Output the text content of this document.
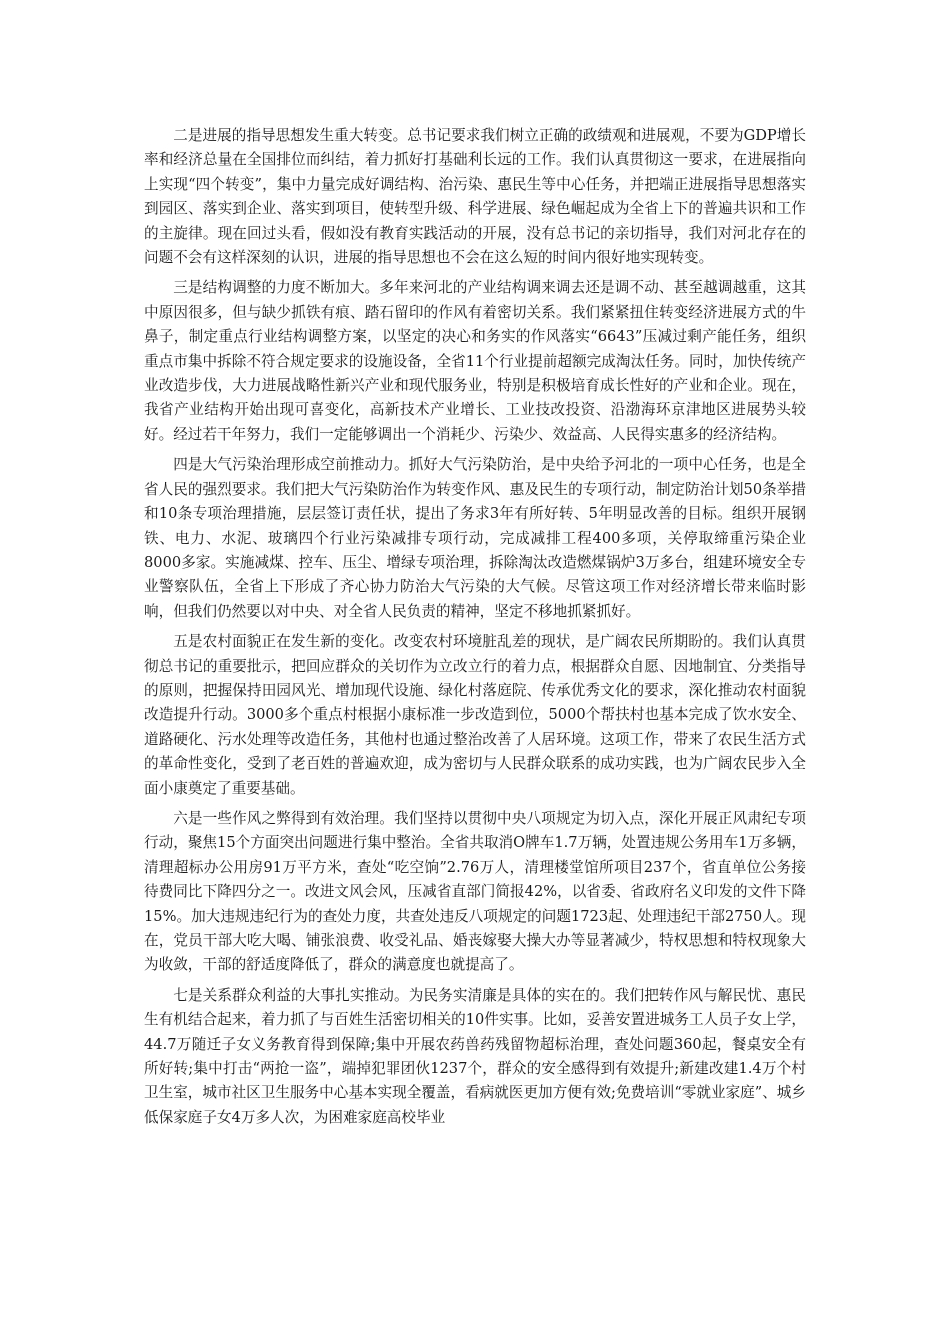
二是进展的指导思想发生重大转变。总书记要求我们树立正确的政绩观和进展观，不要为GDP增长率和经济总量在全国排位而纠结，着力抓好打基础利长远的工作。我们认真贯彻这一要求，在进展指向上实现“四个转变”，集中力量完成好调结构、治污染、惠民生等中心任务，并把端正进展指导思想落实到园区、落实到企业、落实到项目，使转型升级、科学进展、绿色崛起成为全省上下的普遍共识和工作的主旋律。现在回过头看，假如没有教育实践活动的开展，没有总书记的亲切指导，我们对河北存在的问题不会有这样深刻的认识，进展的指导思想也不会在这么短的时间内很好地实现转变。

三是结构调整的力度不断加大。多年来河北的产业结构调来调去还是调不动、甚至越调越重，这其中原因很多，但与缺少抓铁有痕、踏石留印的作风有着密切关系。我们紧紧扭住转变经济进展方式的牛鼻子，制定重点行业结构调整方案，以坚定的决心和务实的作风落实“6643”压减过剩产能任务，组织重点市集中拆除不符合规定要求的设施设备，全省11个行业提前超额完成淘汰任务。同时，加快传统产业改造步伐，大力进展战略性新兴产业和现代服务业，特别是积极培育成长性好的产业和企业。现在，我省产业结构开始出现可喜变化，高新技术产业增长、工业技改投资、沿渤海环京津地区进展势头较好。经过若干年努力，我们一定能够调出一个消耗少、污染少、效益高、人民得实惠多的经济结构。

四是大气污染治理形成空前推动力。抓好大气污染防治，是中央给予河北的一项中心任务，也是全省人民的强烈要求。我们把大气污染防治作为转变作风、惠及民生的专项行动，制定防治计划50条举措和10条专项治理措施，层层签订责任状，提出了务求3年有所好转、5年明显改善的目标。组织开展钢铁、电力、水泥、玻璃四个行业污染减排专项行动，完成减排工程400多项，关停取缔重污染企业8000多家。实施减煤、控车、压尘、增绿专项治理，拆除淘汰改造燃煤锅炉3万多台，组建环境安全专业警察队伍，全省上下形成了齐心协力防治大气污染的大气候。尽管这项工作对经济增长带来临时影响，但我们仍然要以对中央、对全省人民负责的精神，坚定不移地抓紧抓好。

五是农村面貌正在发生新的变化。改变农村环境脏乱差的现状，是广阔农民所期盼的。我们认真贯彻总书记的重要批示，把回应群众的关切作为立改立行的着力点，根据群众自愿、因地制宜、分类指导的原则，把握保持田园风光、增加现代设施、绿化村落庭院、传承优秀文化的要求，深化推动农村面貌改造提升行动。3000多个重点村根据小康标准一步改造到位，5000个帮扶村也基本完成了饮水安全、道路硬化、污水处理等改造任务，其他村也通过整治改善了人居环境。这项工作，带来了农民生活方式的革命性变化，受到了老百姓的普遍欢迎，成为密切与人民群众联系的成功实践，也为广阔农民步入全面小康奠定了重要基础。

六是一些作风之弊得到有效治理。我们坚持以贯彻中央八项规定为切入点，深化开展正风肃纪专项行动，聚焦15个方面突出问题进行集中整治。全省共取消O牌车1.7万辆，处置违规公务用车1万多辆，清理超标办公用房91万平方米，查处“吃空饷”2.76万人，清理楼堂馆所项目237个，省直单位公务接待费同比下降四分之一。改进文风会风，压减省直部门简报42%，以省委、省政府名义印发的文件下降15%。加大违规违纪行为的查处力度，共查处违反八项规定的问题1723起、处理违纪干部2750人。现在，党员干部大吃大喝、铺张浪费、收受礼品、婚丧嫁娶大操大办等显著减少，特权思想和特权现象大为收敛，干部的舒适度降低了，群众的满意度也就提高了。

七是关系群众利益的大事扎实推动。为民务实清廉是具体的实在的。我们把转作风与解民忧、惠民生有机结合起来，着力抓了与百姓生活密切相关的10件实事。比如，妥善安置进城务工人员子女上学，44.7万随迁子女义务教育得到保障;集中开展农药兽药残留物超标治理，查处问题360起，餐桌安全有所好转;集中打击“两抢一盗”，端掉犯罪团伙1237个，群众的安全感得到有效提升;新建改建1.4万个村卫生室，城市社区卫生服务中心基本实现全覆盖，看病就医更加方便有效;免费培训“零就业家庭”、城乡低保家庭子女4万多人次，为困难家庭高校毕业
